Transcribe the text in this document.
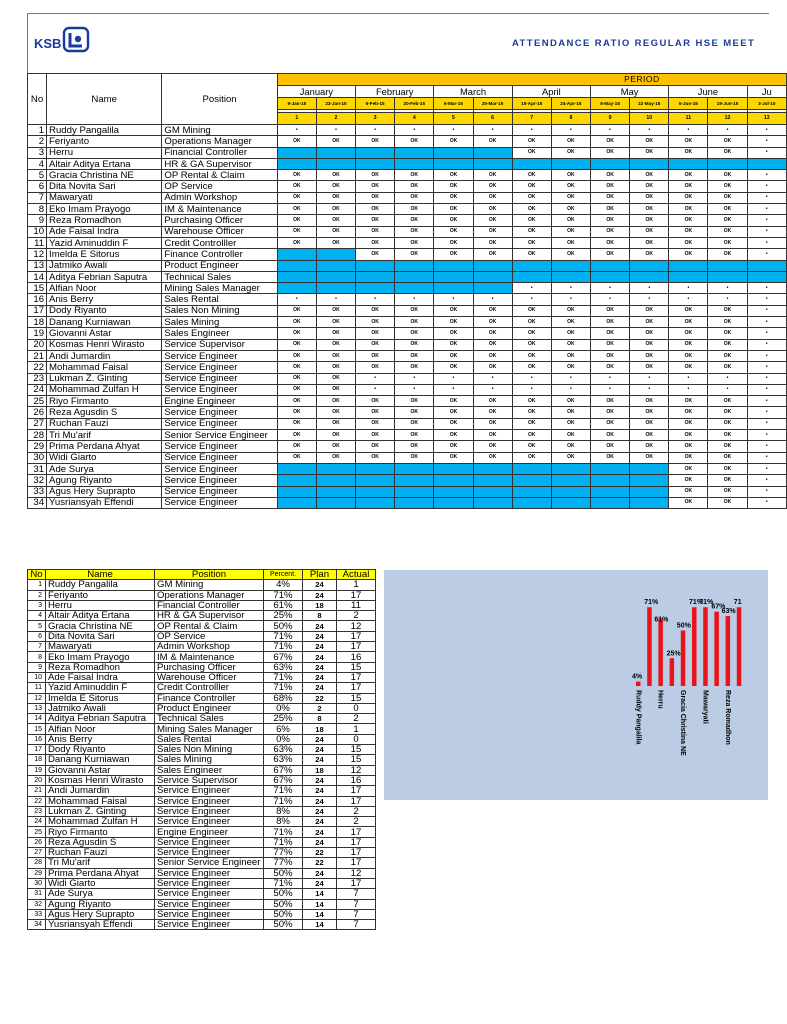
KSB	ATTENDANCE RATIO REGULAR HSE MEET
No	Name	Position	PERIOD												
			January		February		March		April		May		June		Ju
			9-Jan-15	23-Jan-15	6-Feb-15	20-Feb-15	6-Mar-15	20-Mar-15	10-Apr-15	24-Apr-15	8-May-15	22-May-15	5-Jun-15	19-Jun-15	3-Jul-15

			1	2	3	4	5	6	7	8	9	10	11	12	13
1	Ruddy Pangalila	GM Mining	•	•	•	•	•	•	•	•	•	•	•	•	•
2	Feriyanto	Operations Manager	OK	OK	OK	OK	OK	OK	OK	OK	OK	OK	OK	OK	•
3	Herru	Financial Controller							OK	OK	OK	OK	OK	OK	•
4	Altair Aditya Ertana	HR & GA Supervisor													
5	Gracia Christina NE	OP Rental & Claim	OK	OK	OK	OK	OK	OK	OK	OK	OK	OK	OK	OK	•
6	Dita Novita Sari	OP Service	OK	OK	OK	OK	OK	OK	OK	OK	OK	OK	OK	OK	•
7	Mawaryati	Admin Workshop	OK	OK	OK	OK	OK	OK	OK	OK	OK	OK	OK	OK	•
8	Eko Imam Prayogo	IM & Maintenance	OK	OK	OK	OK	OK	OK	OK	OK	OK	OK	OK	OK	•
9	Reza Romadhon	Purchasing Officer	OK	OK	OK	OK	OK	OK	OK	OK	OK	OK	OK	OK	•
10	Ade Faisal Indra	Warehouse Officer	OK	OK	OK	OK	OK	OK	OK	OK	OK	OK	OK	OK	•
11	Yazid Aminuddin F	Credit Controlller	OK	OK	OK	OK	OK	OK	OK	OK	OK	OK	OK	OK	•
12	Imelda E Sitorus	Finance Controller			OK	OK	OK	OK	OK	OK	OK	OK	OK	OK	•
13	Jatmiko Awali	Product Engineer													
14	Aditya Febrian Saputra	Technical Sales													
15	Alfian Noor	Mining Sales Manager							•	•	•	•	•	•	•
16	Anis Berry	Sales Rental	•	•	•	•	•	•	•	•	•	•	•	•	•
17	Dody Riyanto	Sales Non Mining	OK	OK	OK	OK	OK	OK	OK	OK	OK	OK	OK	OK	•
18	Danang Kurniawan	Sales Mining	OK	OK	OK	OK	OK	OK	OK	OK	OK	OK	OK	OK	•
19	Giovanni Astar	Sales Engineer	OK	OK	OK	OK	OK	OK	OK	OK	OK	OK	OK	OK	•
20	Kosmas Henri Wirasto	Service Supervisor	OK	OK	OK	OK	OK	OK	OK	OK	OK	OK	OK	OK	•
21	Andi Jumardin	Service Engineer	OK	OK	OK	OK	OK	OK	OK	OK	OK	OK	OK	OK	•
22	Mohammad Faisal	Service Engineer	OK	OK	OK	OK	OK	OK	OK	OK	OK	OK	OK	OK	•
23	Lukman Z. Ginting	Service Engineer	OK	OK	•	•	•	•	•	•	•	•	•	•	•
24	Mohammad Zulfan H	Service Engineer	OK	OK	•	•	•	•	•	•	•	•	•	•	•
25	Riyo Firmanto	Engine Engineer	OK	OK	OK	OK	OK	OK	OK	OK	OK	OK	OK	OK	•
26	Reza Agusdin S	Service Engineer	OK	OK	OK	OK	OK	OK	OK	OK	OK	OK	OK	OK	•
27	Ruchan Fauzi	Service Engineer	OK	OK	OK	OK	OK	OK	OK	OK	OK	OK	OK	OK	•
28	Tri Mu'arif	Senior Service Engineer	OK	OK	OK	OK	OK	OK	OK	OK	OK	OK	OK	OK	•
29	Prima Perdana Ahyat	Service Engineer	OK	OK	OK	OK	OK	OK	OK	OK	OK	OK	OK	OK	•
30	Widi Giarto	Service Engineer	OK	OK	OK	OK	OK	OK	OK	OK	OK	OK	OK	OK	•
31	Ade Surya	Service Engineer											OK	OK	•
32	Agung Riyanto	Service Engineer											OK	OK	•
33	Agus Hery Suprapto	Service Engineer											OK	OK	•
34	Yusriansyah Effendi	Service Engineer											OK	OK	•
No	Name	Position	Percent.	Plan	Actual
1	Ruddy Pangalila	GM Mining	4%	24	1
2	Feriyanto	Operations Manager	71%	24	17
3	Herru	Financial Controller	61%	18	11
4	Altair Aditya Ertana	HR & GA Supervisor	25%	8	2
5	Gracia Christina NE	OP Rental & Claim	50%	24	12
6	Dita Novita Sari	OP Service	71%	24	17
7	Mawaryati	Admin Workshop	71%	24	17
8	Eko Imam Prayogo	IM & Maintenance	67%	24	16
9	Reza Romadhon	Purchasing Officer	63%	24	15
10	Ade Faisal Indra	Warehouse Officer	71%	24	17
11	Yazid Aminuddin F	Credit Controlller	71%	24	17
12	Imelda E Sitorus	Finance Controller	68%	22	15
13	Jatmiko Awali	Product Engineer	0%	2	0
14	Aditya Febrian Saputra	Technical Sales	25%	8	2
15	Alfian Noor	Mining Sales Manager	6%	18	1
16	Anis Berry	Sales Rental	0%	24	0
17	Dody Riyanto	Sales Non Mining	63%	24	15
18	Danang Kurniawan	Sales Mining	63%	24	15
19	Giovanni Astar	Sales Engineer	67%	18	12
20	Kosmas Henri Wirasto	Service Supervisor	67%	24	16
21	Andi Jumardin	Service Engineer	71%	24	17
22	Mohammad Faisal	Service Engineer	71%	24	17
23	Lukman Z. Ginting	Service Engineer	8%	24	2
24	Mohammad Zulfan H	Service Engineer	8%	24	2
25	Riyo Firmanto	Engine Engineer	71%	24	17
26	Reza Agusdin S	Service Engineer	71%	24	17
27	Ruchan Fauzi	Service Engineer	77%	22	17
28	Tri Mu'arif	Senior Service Engineer	77%	22	17
29	Prima Perdana Ahyat	Service Engineer	50%	24	12
30	Widi Giarto	Service Engineer	71%	24	17
31	Ade Surya	Service Engineer	50%	14	7
32	Agung Riyanto	Service Engineer	50%	14	7
33	Agus Hery Suprapto	Service Engineer	50%	14	7
34	Yusriansyah Effendi	Service Engineer	50%	14	7
4%
Ruddy Pangalila
71%
61%
Herru
25%
50%
Gracia Christina NE
71%
71%
Mawaryati
67%
63%
Reza Romadhon
71
